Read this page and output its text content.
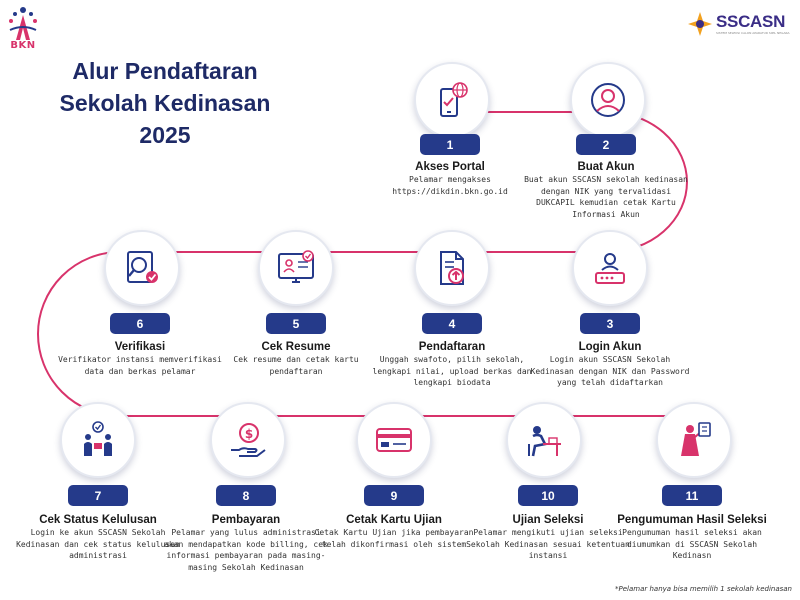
BKN
SSCASN
SISTEM SELEKSI CALON APARATUR SIPIL NEGARA
Alur Pendaftaran
Sekolah Kedinasan
2025	1
Akses Portal
Pelamar mengakses https://dikdin.bkn.go.id
2
Buat Akun
Buat akun SSCASN sekolah kedinasan dengan NIK yang tervalidasi DUKCAPIL kemudian cetak Kartu Informasi Akun
3
Login Akun
Login akun SSCASN Sekolah Kedinasan dengan NIK dan Password yang telah didaftarkan
4
Pendaftaran
Unggah swafoto, pilih sekolah, lengkapi nilai, upload berkas dan lengkapi biodata
5
Cek Resume
Cek resume dan cetak kartu pendaftaran
6
Verifikasi
Verifikator instansi memverifikasi data dan berkas pelamar
7
Cek Status Kelulusan
Login ke akun SSCASN Sekolah Kedinasan dan cek status kelulusan administrasi
$
8
Pembayaran
Pelamar yang lulus administrasi akan mendapatkan kode billing, cek informasi pembayaran pada masing-masing Sekolah Kedinasan
9
Cetak Kartu Ujian
Cetak Kartu Ujian jika pembayaran telah dikonfirmasi oleh sistem
10
Ujian Seleksi
Pelamar mengikuti ujian seleksi Sekolah Kedinasan sesuai ketentuan instansi
11
Pengumuman Hasil Seleksi
Pengumuman hasil seleksi akan diumumkan di SSCASN Sekolah Kedinasn
*Pelamar hanya bisa memilih 1 sekolah kedinasan
